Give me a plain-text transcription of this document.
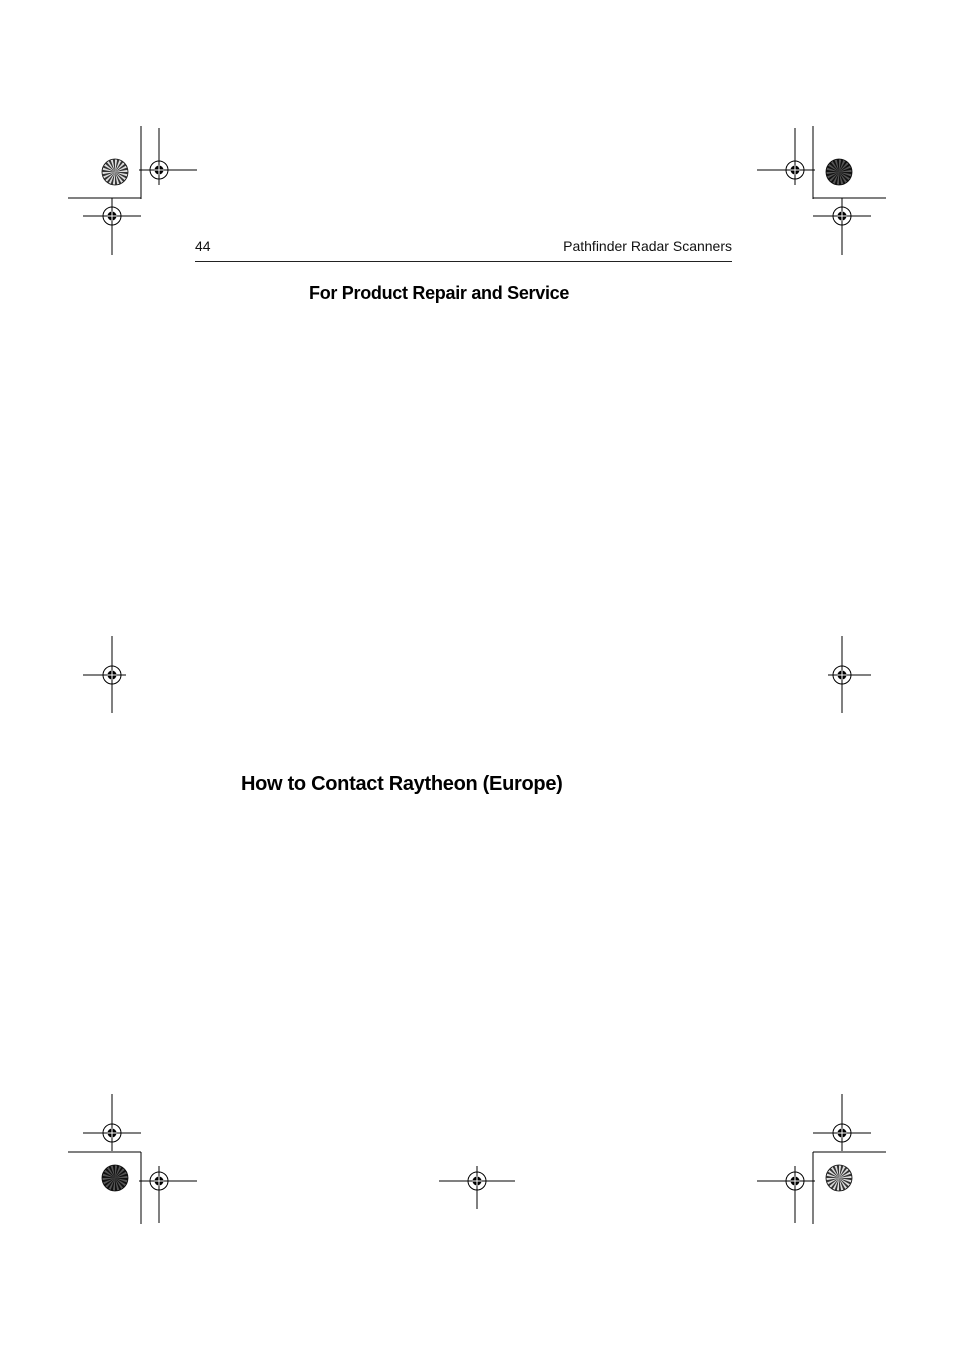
44	Pathfinder Radar Scanners
For Product Repair and Service
How to Contact Raytheon (Europe)
